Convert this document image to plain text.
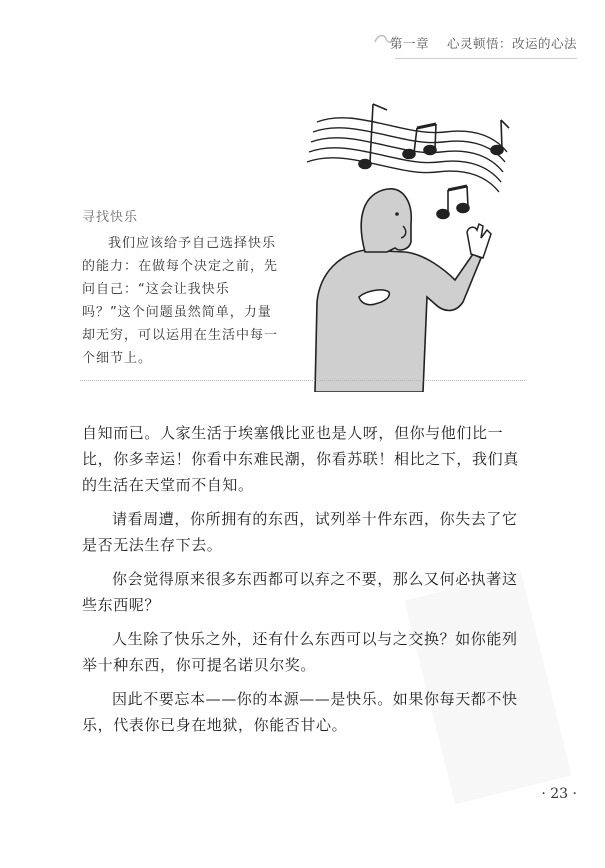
第一章 心灵顿悟：改运的心法
寻找快乐
我们应该给予自己选择快乐的能力：在做每个决定之前，先问自己：“这会让我快乐吗？”这个问题虽然简单，力量却无穷，可以运用在生活中每一个细节上。

自知而已。人家生活于埃塞俄比亚也是人呀，但你与他们比一比，你多幸运！你看中东难民潮，你看苏联！相比之下，我们真的生活在天堂而不自知。

请看周遭，你所拥有的东西，试列举十件东西，你失去了它是否无法生存下去。

你会觉得原来很多东西都可以弃之不要，那么又何必执著这些东西呢？

人生除了快乐之外，还有什么东西可以与之交换？如你能列举十种东西，你可提名诺贝尔奖。

因此不要忘本——你的本源——是快乐。如果你每天都不快乐，代表你已身在地狱，你能否甘心。

· 23 ·
